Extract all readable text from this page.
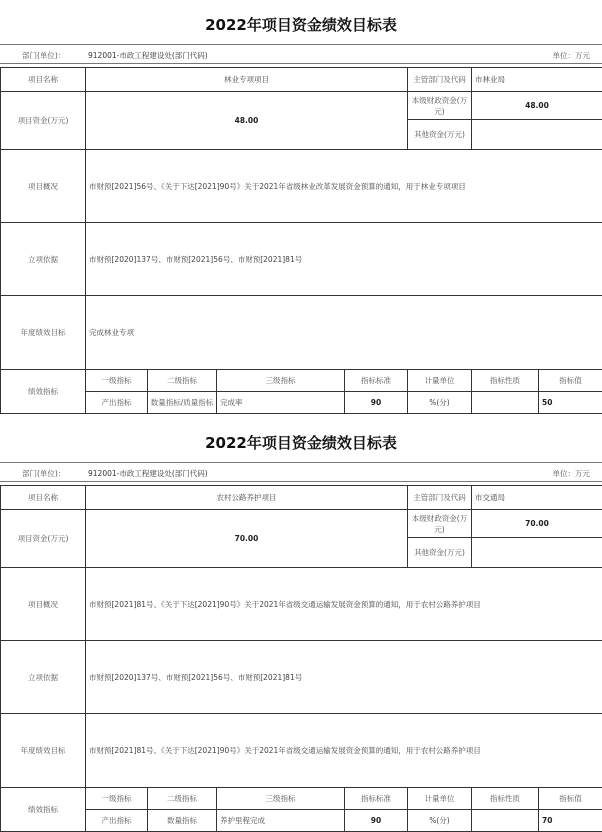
2022年项目资金绩效目标表
部门(单位)：	912001-市政工程建设处(部门代码)	单位：万元
项目名称	林业专项项目				主管部门及代码	市林业局	
项目资金(万元)	48.00				本级财政资金(万元)	48.00	
					其他资金(万元)		
项目概况	市财预[2021]56号、《关于下达[2021]90号》关于2021年省级林业改革发展资金预算的通知，用于林业专项项目						
立项依据	市财预[2020]137号、市财预[2021]56号、市财预[2021]81号						
年度绩效目标	完成林业专项						
绩效指标	一级指标	二级指标	三级指标	指标标准	计量单位	指标性质	指标值
	产出指标	数量指标/质量指标	完成率	90	%(分)		50
2022年项目资金绩效目标表
部门(单位)：	912001-市政工程建设处(部门代码)	单位：万元
项目名称	农村公路养护项目				主管部门及代码	市交通局	
项目资金(万元)	70.00				本级财政资金(万元)	70.00	
					其他资金(万元)		
项目概况	市财预[2021]81号、《关于下达[2021]90号》关于2021年省级交通运输发展资金预算的通知，用于农村公路养护项目						
立项依据	市财预[2020]137号、市财预[2021]56号、市财预[2021]81号						
年度绩效目标	市财预[2021]81号、《关于下达[2021]90号》关于2021年省级交通运输发展资金预算的通知，用于农村公路养护项目						
绩效指标	一级指标	二级指标	三级指标	指标标准	计量单位	指标性质	指标值
	产出指标	数量指标	养护里程完成	90	%(分)		70
